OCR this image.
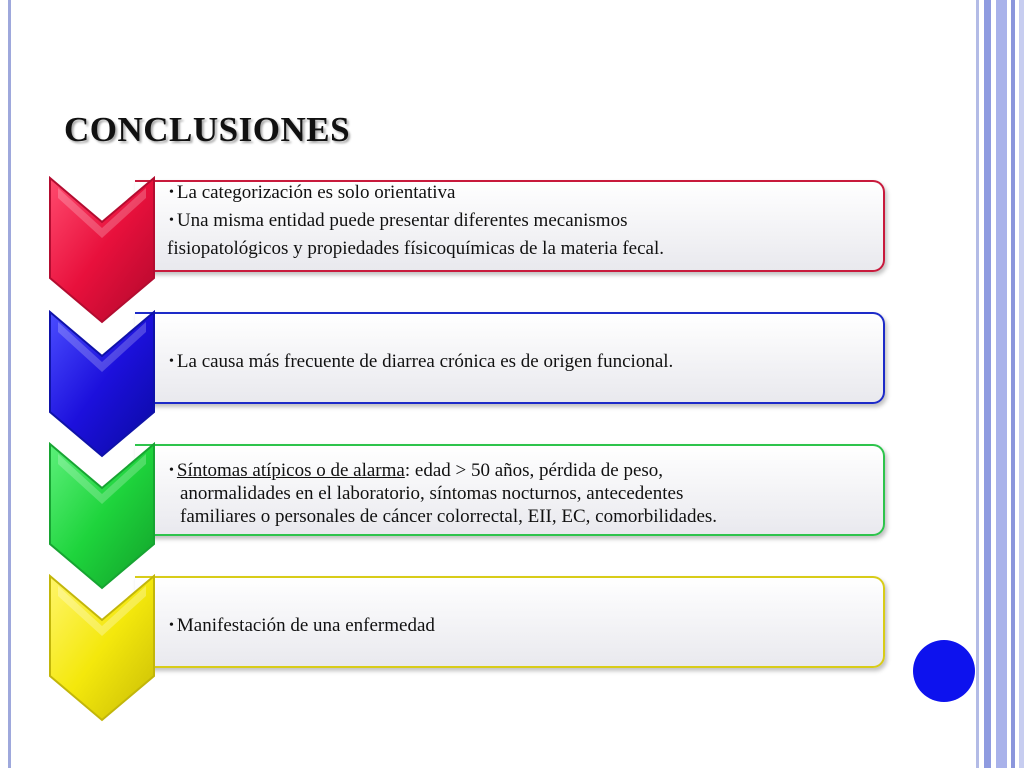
CONCLUSIONES
• La categorización es solo orientativa
• Una misma entidad puede presentar diferentes mecanismos
fisiopatológicos y propiedades físicoquímicas de la materia fecal.
• La causa más frecuente de diarrea crónica es de origen funcional.
• Síntomas atípicos o de alarma: edad > 50 años, pérdida de peso,
anormalidades en el laboratorio, síntomas nocturnos, antecedentes
familiares o personales de cáncer colorrectal, EII, EC, comorbilidades.
• Manifestación de una enfermedad
